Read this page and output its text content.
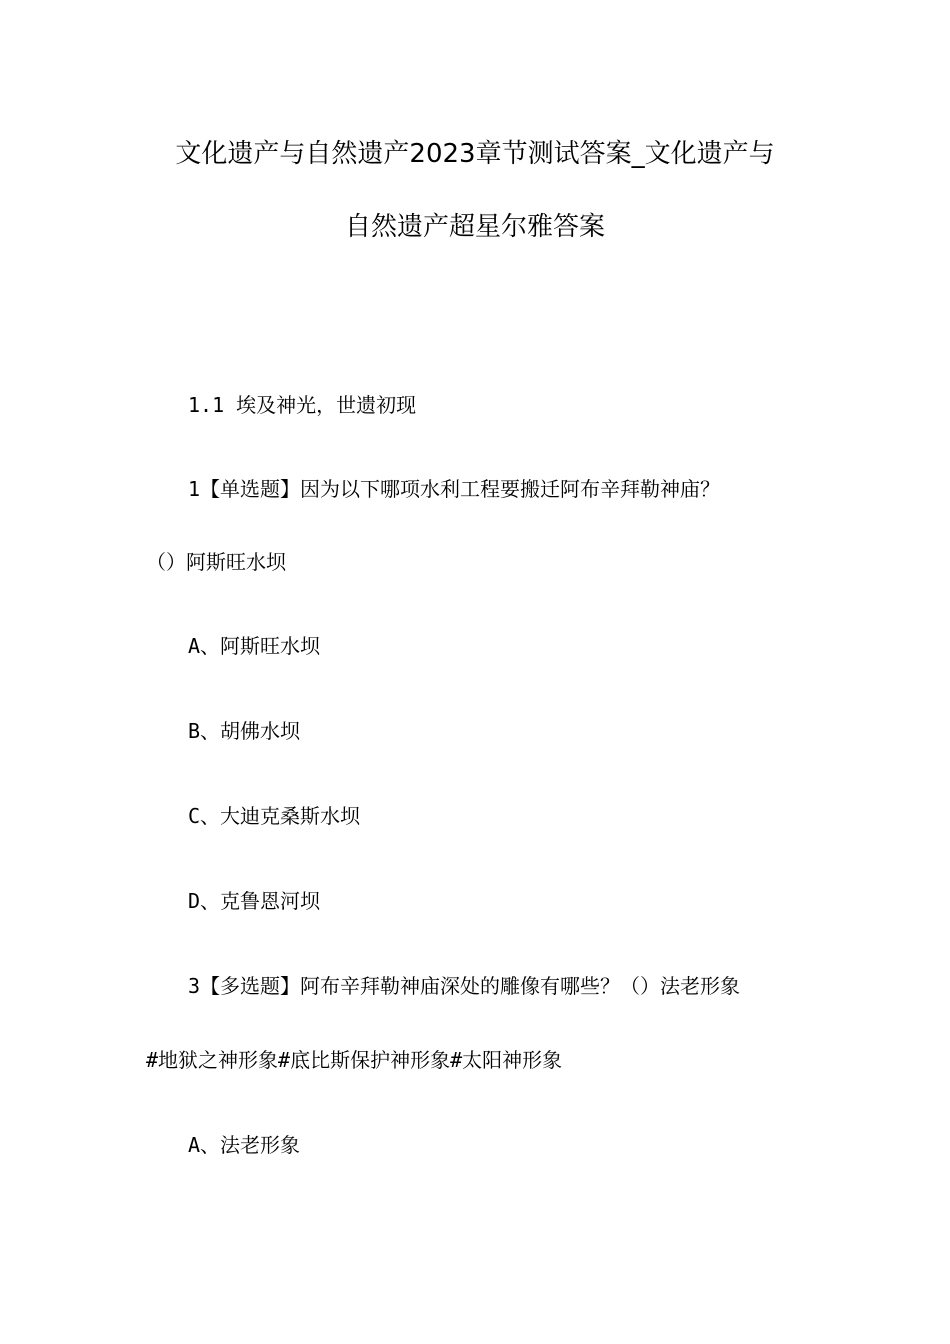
文化遗产与自然遗产2023章节测试答案_文化遗产与
自然遗产超星尔雅答案
1.1 埃及神光，世遗初现
1【单选题】因为以下哪项水利工程要搬迁阿布辛拜勒神庙？
（）阿斯旺水坝
A、阿斯旺水坝
B、胡佛水坝
C、大迪克桑斯水坝
D、克鲁恩河坝
3【多选题】阿布辛拜勒神庙深处的雕像有哪些？（）法老形象
#地狱之神形象#底比斯保护神形象#太阳神形象
A、法老形象
